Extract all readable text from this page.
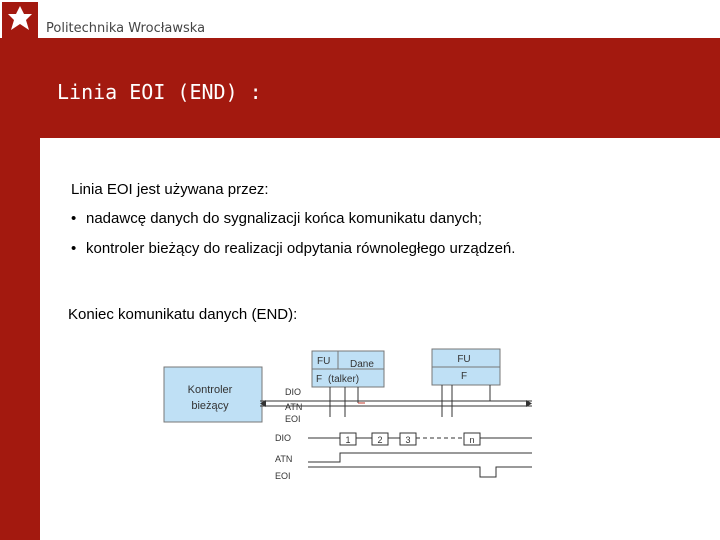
Politechnika Wrocławska
Linia EOI (END) :
Linia EOI jest używana przez:
• nadawcę danych do sygnalizacji końca komunikatu danych;
• kontroler bieżący do realizacji odpytania równoległego urządzeń.
Koniec komunikatu danych (END):
Kontroler
bieżący
FU Dane
F (talker)
FU
F
DIO
ATN
EOI
DIO
ATN
EOI
1	2	3	n
